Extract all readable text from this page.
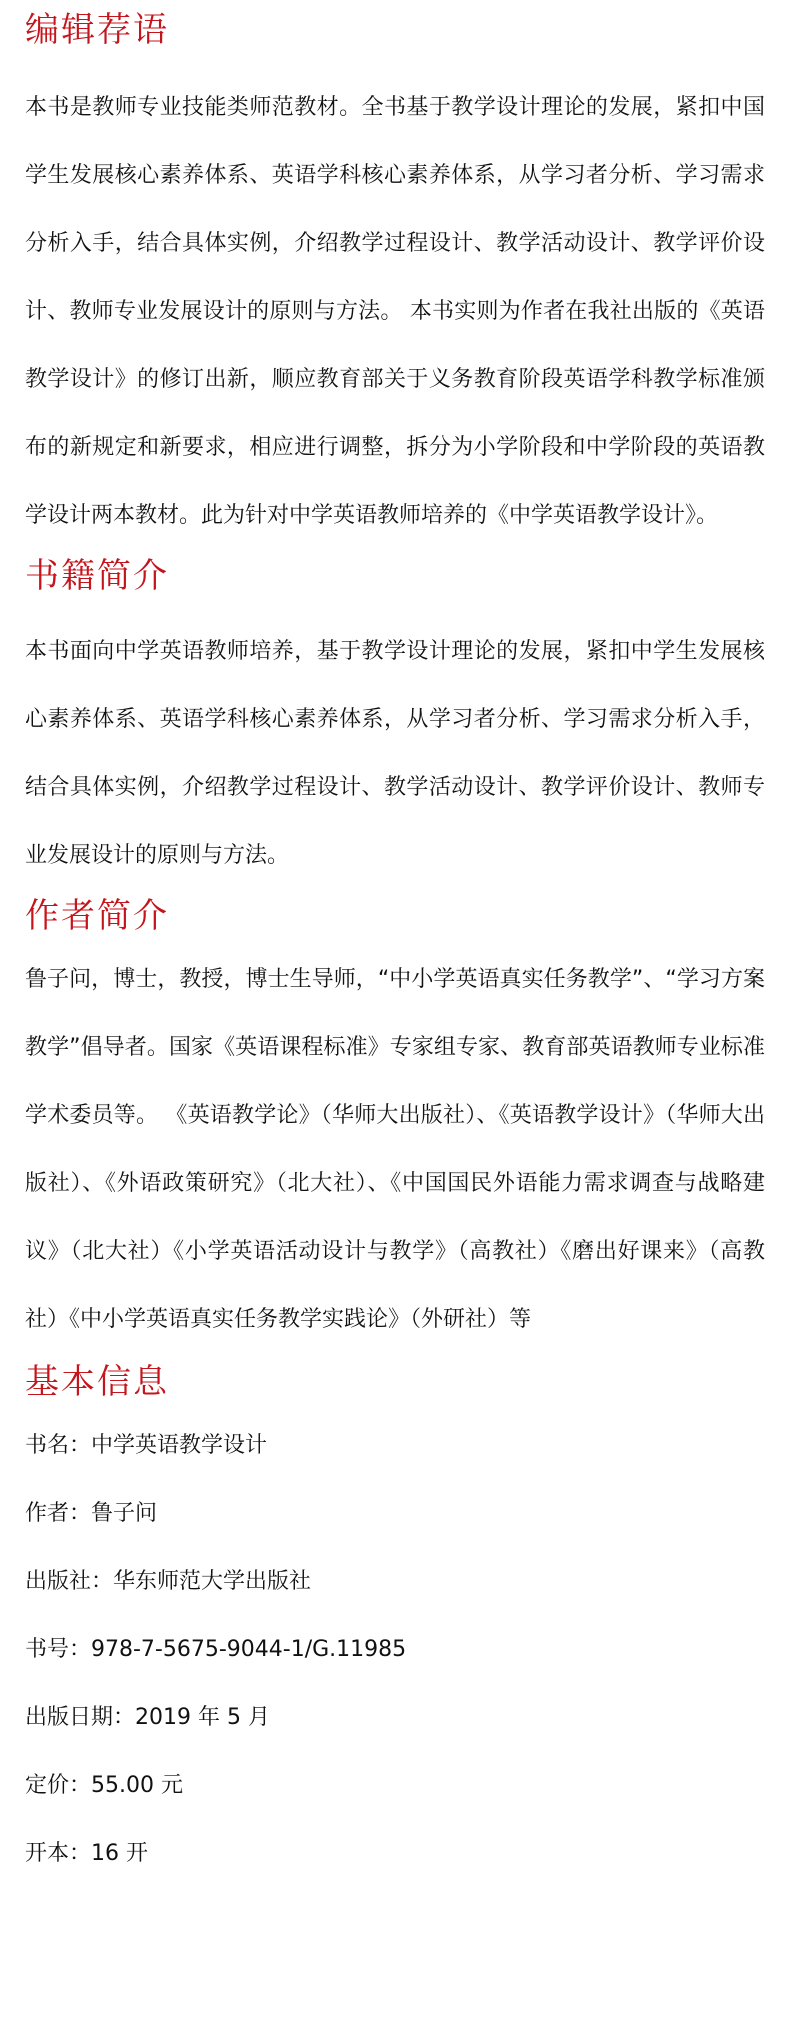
编辑荐语

本书是教师专业技能类师范教材。全书基于教学设计理论的发展，紧扣中国学生发展核心素养体系、英语学科核心素养体系，从学习者分析、学习需求分析入手，结合具体实例，介绍教学过程设计、教学活动设计、教学评价设计、教师专业发展设计的原则与方法。 本书实则为作者在我社出版的《英语教学设计》的修订出新，顺应教育部关于义务教育阶段英语学科教学标准颁布的新规定和新要求，相应进行调整，拆分为小学阶段和中学阶段的英语教学设计两本教材。此为针对中学英语教师培养的《中学英语教学设计》。

书籍简介

本书面向中学英语教师培养，基于教学设计理论的发展，紧扣中学生发展核心素养体系、英语学科核心素养体系，从学习者分析、学习需求分析入手，结合具体实例，介绍教学过程设计、教学活动设计、教学评价设计、教师专业发展设计的原则与方法。

作者简介

鲁子问，博士，教授，博士生导师，“中小学英语真实任务教学”、“学习方案教学”倡导者。国家《英语课程标准》专家组专家、教育部英语教师专业标准学术委员等。 《英语教学论》（华师大出版社）、《英语教学设计》（华师大出版社）、《外语政策研究》（北大社）、《中国国民外语能力需求调查与战略建议》（北大社）《小学英语活动设计与教学》（高教社）《磨出好课来》（高教社）《中小学英语真实任务教学实践论》（外研社）等

基本信息

书名：中学英语教学设计

作者：鲁子问

出版社：华东师范大学出版社

书号：978-7-5675-9044-1/G.11985

出版日期：2019 年 5 月

定价：55.00 元

开本：16 开
